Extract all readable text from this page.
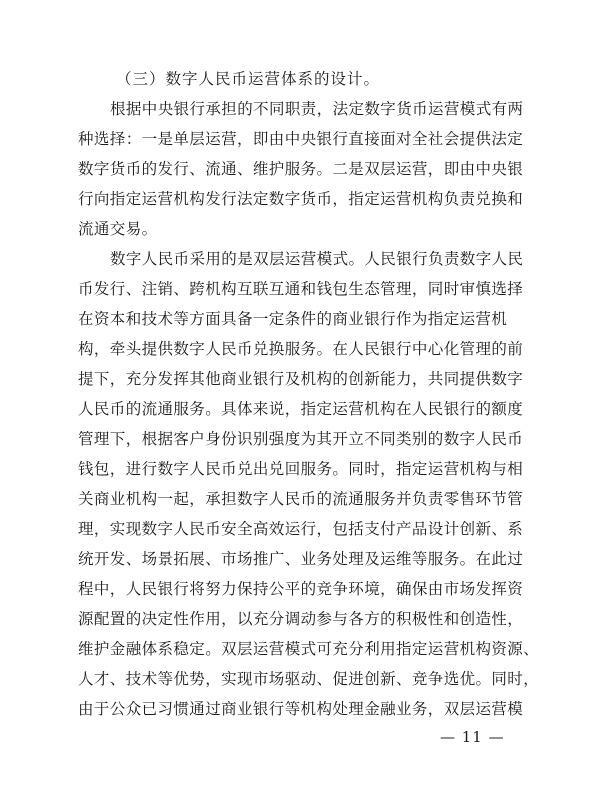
（三）数字人民币运营体系的设计。
根据中央银行承担的不同职责，法定数字货币运营模式有两
种选择：一是单层运营，即由中央银行直接面对全社会提供法定
数字货币的发行、流通、维护服务。二是双层运营，即由中央银
行向指定运营机构发行法定数字货币，指定运营机构负责兑换和
流通交易。
数字人民币采用的是双层运营模式。人民银行负责数字人民
币发行、注销、跨机构互联互通和钱包生态管理，同时审慎选择
在资本和技术等方面具备一定条件的商业银行作为指定运营机
构，牵头提供数字人民币兑换服务。在人民银行中心化管理的前
提下，充分发挥其他商业银行及机构的创新能力，共同提供数字
人民币的流通服务。具体来说，指定运营机构在人民银行的额度
管理下，根据客户身份识别强度为其开立不同类别的数字人民币
钱包，进行数字人民币兑出兑回服务。同时，指定运营机构与相
关商业机构一起，承担数字人民币的流通服务并负责零售环节管
理，实现数字人民币安全高效运行，包括支付产品设计创新、系
统开发、场景拓展、市场推广、业务处理及运维等服务。在此过
程中，人民银行将努力保持公平的竞争环境，确保由市场发挥资
源配置的决定性作用，以充分调动参与各方的积极性和创造性，
维护金融体系稳定。双层运营模式可充分利用指定运营机构资源、
人才、技术等优势，实现市场驱动、促进创新、竞争选优。同时，
由于公众已习惯通过商业银行等机构处理金融业务，双层运营模
— 11 —
